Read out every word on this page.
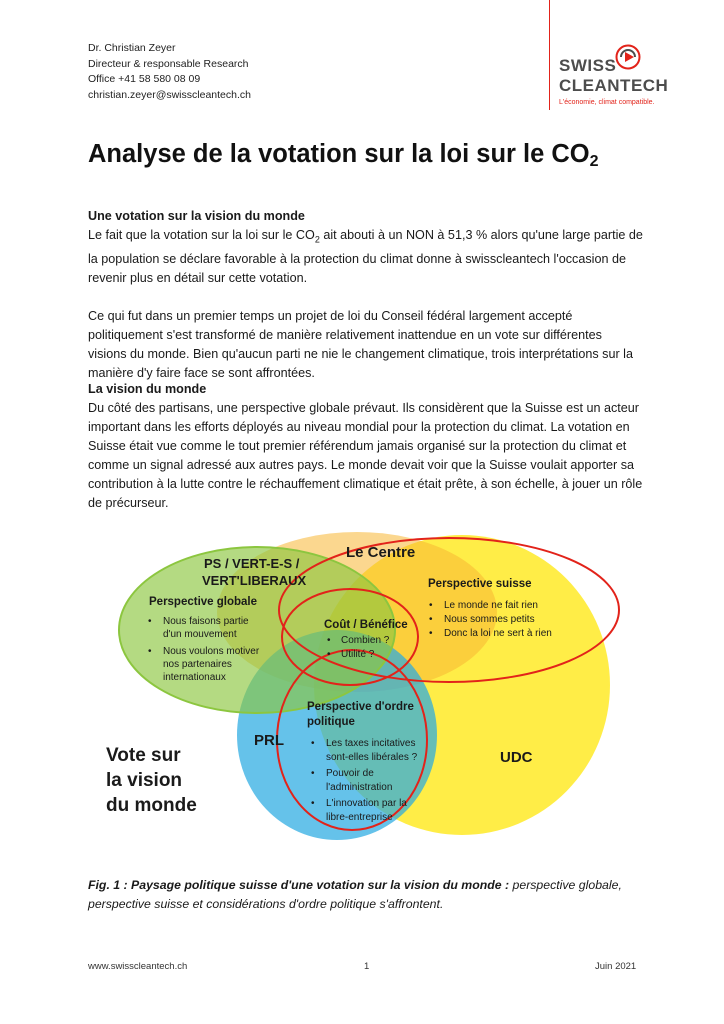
Dr. Christian Zeyer
Directeur & responsable Research
Office +41 58 580 08 09
christian.zeyer@swisscleantech.ch
SWISS
CLEANTECH
L'économie, climat compatible.
Analyse de la votation sur la loi sur le $CO_2$
Une votation sur la vision du monde
Le fait que la votation sur la loi sur le $CO_2$ ait abouti à un NON à 51,3 % alors qu'une large partie de la population se déclare favorable à la protection du climat donne à swisscleantech l'occasion de revenir plus en détail sur cette votation.
Ce qui fut dans un premier temps un projet de loi du Conseil fédéral largement accepté politiquement s'est transformé de manière relativement inattendue en un vote sur différentes visions du monde. Bien qu'aucun parti ne nie le changement climatique, trois interprétations sur la manière d'y faire face se sont affrontées.
La vision du monde
Du côté des partisans, une perspective globale prévaut. Ils considèrent que la Suisse est un acteur important dans les efforts déployés au niveau mondial pour la protection du climat. La votation en Suisse était vue comme le tout premier référendum jamais organisé sur la protection du climat et comme un signal adressé aux autres pays. Le monde devait voir que la Suisse voulait apporter sa contribution à la lutte contre le réchauffement climatique et était prête, à son échelle, à jouer un rôle de précurseur.
PS / VERT-E-S /
VERT'LIBERAUX
Le Centre
PRL
UDC
Vote sur
la vision
du monde
Perspective globale
• Nous faisons partie
d'un mouvement
• Nous voulons motiver
nos partenaires
internationaux
Perspective suisse
• Le monde ne fait rien
• Nous sommes petits
• Donc la loi ne sert à rien
Coût / Bénéfice
• Combien ?
• Utilité ?
Perspective d'ordre
politique
• Les taxes incitatives
sont-elles libérales ?
• Pouvoir de
l'administration
• L'innovation par la
libre-entreprise
Fig. 1 : Paysage politique suisse d'une votation sur la vision du monde : perspective globale, perspective suisse et considérations d'ordre politique s'affrontent.
www.swisscleantech.ch	1	Juin 2021
